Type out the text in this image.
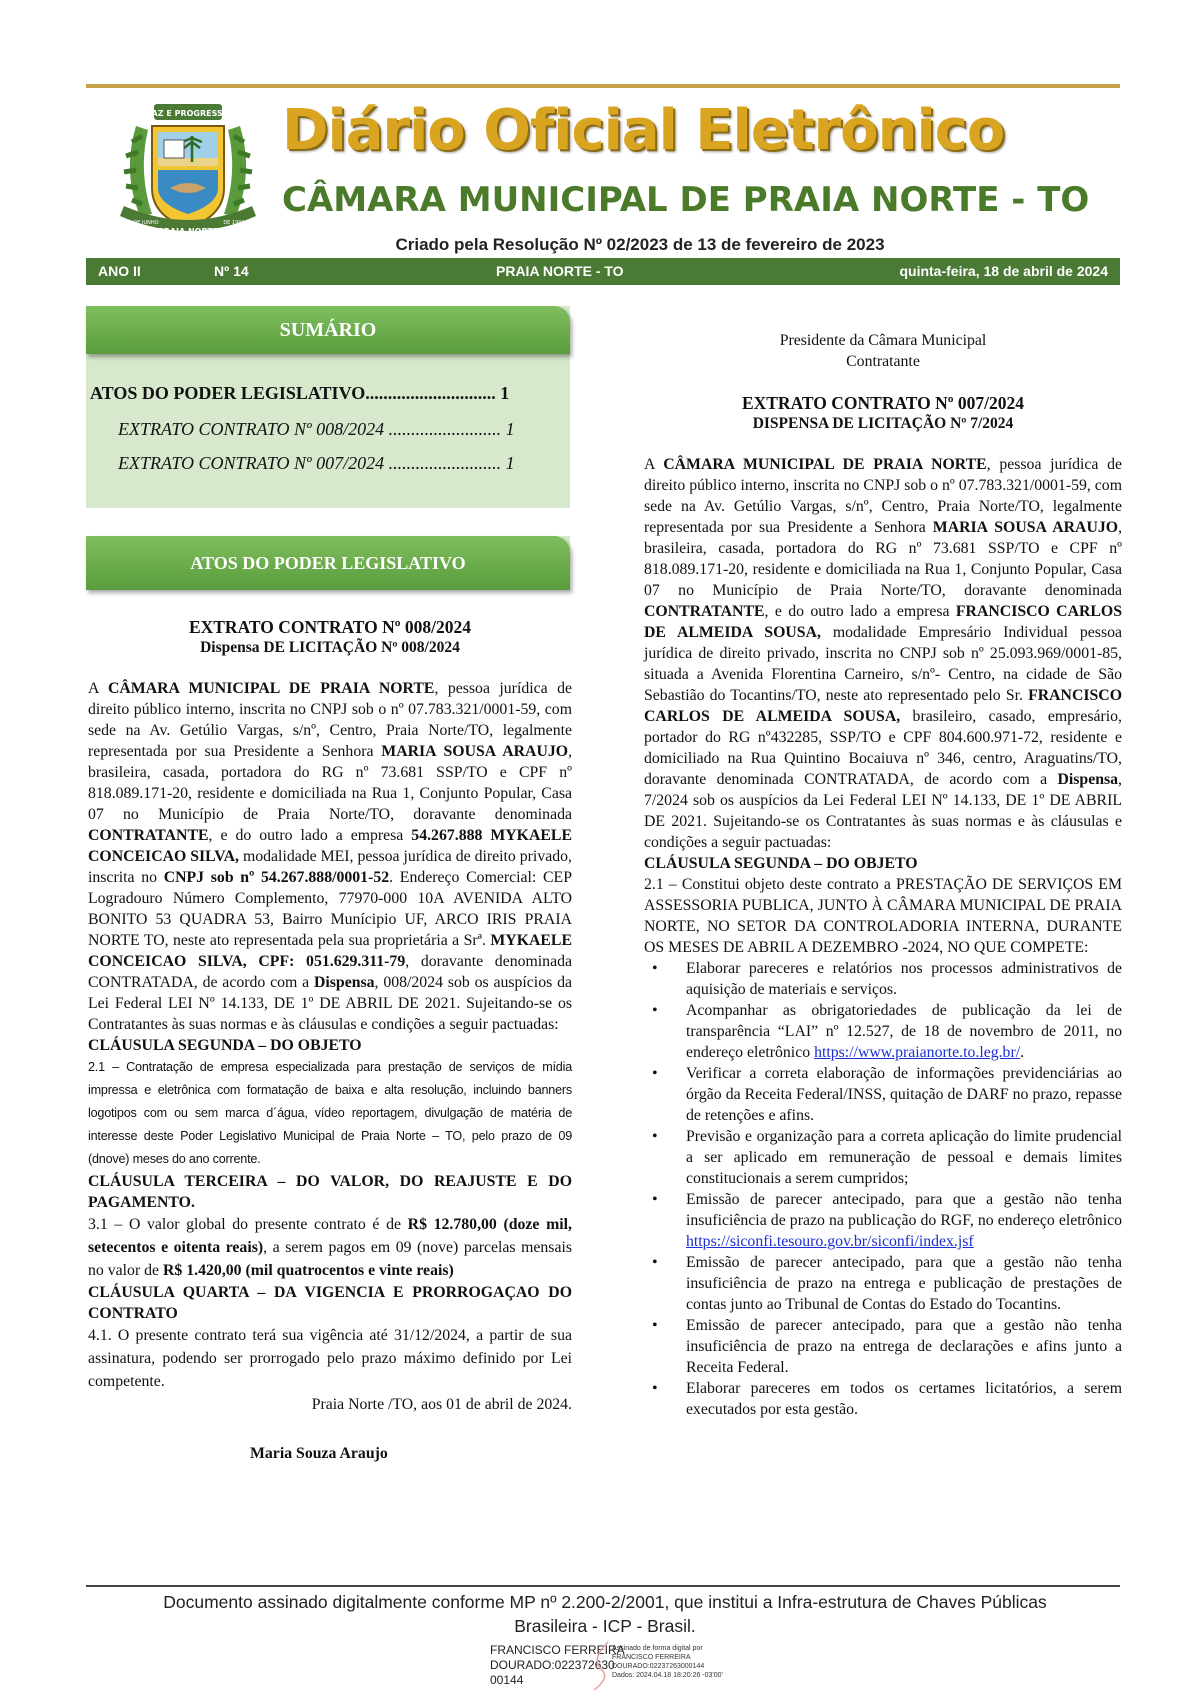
PAZ E PROGRESSO
PRAIA NORTE
21 DE JUNHO	DE 1991
Diário Oficial Eletrônico
CÂMARA MUNICIPAL DE PRAIA NORTE - TO
Criado pela Resolução Nº 02/2023 de 13 de fevereiro de 2023
ANO II	Nº 14	PRAIA NORTE - TO	quinta-feira, 18 de abril de 2024
SUMÁRIO
ATOS DO PODER LEGISLATIVO............................. 1
EXTRATO CONTRATO Nº 008/2024 ......................... 1
EXTRATO CONTRATO Nº 007/2024 ......................... 1
ATOS DO PODER LEGISLATIVO

EXTRATO CONTRATO Nº 008/2024

Dispensa DE LICITAÇÃO Nº 008/2024

A CÂMARA MUNICIPAL DE PRAIA NORTE, pessoa jurídica de direito público interno, inscrita no CNPJ sob o nº 07.783.321/0001-59, com sede na Av. Getúlio Vargas, s/nº, Centro, Praia Norte/TO, legalmente representada por sua Presidente a Senhora MARIA SOUSA ARAUJO, brasileira, casada, portadora do RG nº 73.681 SSP/TO e CPF nº 818.089.171-20, residente e domiciliada na Rua 1, Conjunto Popular, Casa 07 no Município de Praia Norte/TO, doravante denominada CONTRATANTE, e do outro lado a empresa 54.267.888 MYKAELE CONCEICAO SILVA, modalidade MEI, pessoa jurídica de direito privado, inscrita no CNPJ sob nº 54.267.888/0001-52. Endereço Comercial: CEP Logradouro Número Complemento, 77970-000 10A AVENIDA ALTO BONITO 53 QUADRA 53, Bairro Munícipio UF, ARCO IRIS PRAIA NORTE TO, neste ato representada pela sua proprietária a Srª. MYKAELE CONCEICAO SILVA, CPF: 051.629.311-79, doravante denominada CONTRATADA, de acordo com a Dispensa, 008/2024 sob os auspícios da Lei Federal LEI Nº 14.133, DE 1º DE ABRIL DE 2021. Sujeitando-se os Contratantes às suas normas e às cláusulas e condições a seguir pactuadas:

CLÁUSULA SEGUNDA – DO OBJETO

2.1 – Contratação de empresa especializada para prestação de serviços de mídia impressa e eletrônica com formatação de baixa e alta resolução, incluindo banners logotipos com ou sem marca d´água, vídeo reportagem, divulgação de matéria de interesse deste Poder Legislativo Municipal de Praia Norte – TO, pelo prazo de 09 (dnove) meses do ano corrente.

CLÁUSULA TERCEIRA – DO VALOR, DO REAJUSTE E DO PAGAMENTO.

3.1 – O valor global do presente contrato é de R$ 12.780,00 (doze mil, setecentos e oitenta reais), a serem pagos em 09 (nove) parcelas mensais no valor de R$ 1.420,00 (mil quatrocentos e vinte reais)

CLÁUSULA QUARTA – DA VIGENCIA E PRORROGAÇAO DO CONTRATO

4.1. O presente contrato terá sua vigência até 31/12/2024, a partir de sua assinatura, podendo ser prorrogado pelo prazo máximo definido por Lei competente.

Praia Norte /TO, aos 01 de abril de 2024.

Maria Souza Araujo

Presidente da Câmara Municipal

Contratante

EXTRATO CONTRATO Nº 007/2024

DISPENSA DE LICITAÇÃO Nº 7/2024

A CÂMARA MUNICIPAL DE PRAIA NORTE, pessoa jurídica de direito público interno, inscrita no CNPJ sob o nº 07.783.321/0001-59, com sede na Av. Getúlio Vargas, s/nº, Centro, Praia Norte/TO, legalmente representada por sua Presidente a Senhora MARIA SOUSA ARAUJO, brasileira, casada, portadora do RG nº 73.681 SSP/TO e CPF nº 818.089.171-20, residente e domiciliada na Rua 1, Conjunto Popular, Casa 07 no Município de Praia Norte/TO, doravante denominada CONTRATANTE, e do outro lado a empresa FRANCISCO CARLOS DE ALMEIDA SOUSA, modalidade Empresário Individual pessoa jurídica de direito privado, inscrita no CNPJ sob nº 25.093.969/0001-85, situada a Avenida Florentina Carneiro, s/nº- Centro, na cidade de São Sebastião do Tocantins/TO, neste ato representado pelo Sr. FRANCISCO CARLOS DE ALMEIDA SOUSA, brasileiro, casado, empresário, portador do RG nº432285, SSP/TO e CPF 804.600.971-72, residente e domiciliado na Rua Quintino Bocaiuva nº 346, centro, Araguatins/TO, doravante denominada CONTRATADA, de acordo com a Dispensa, 7/2024 sob os auspícios da Lei Federal LEI Nº 14.133, DE 1º DE ABRIL DE 2021. Sujeitando-se os Contratantes às suas normas e às cláusulas e condições a seguir pactuadas:

CLÁUSULA SEGUNDA – DO OBJETO

2.1 – Constitui objeto deste contrato a PRESTAÇÃO DE SERVIÇOS EM ASSESSORIA PUBLICA, JUNTO À CÂMARA MUNICIPAL DE PRAIA NORTE, NO SETOR DA CONTROLADORIA INTERNA, DURANTE OS MESES DE ABRIL A DEZEMBRO -2024, NO QUE COMPETE:

• Elaborar pareceres e relatórios nos processos administrativos de aquisição de materiais e serviços.
• Acompanhar as obrigatoriedades de publicação da lei de transparência “LAI” nº 12.527, de 18 de novembro de 2011, no endereço eletrônico https://www.praianorte.to.leg.br/.
• Verificar a correta elaboração de informações previdenciárias ao órgão da Receita Federal/INSS, quitação de DARF no prazo, repasse de retenções e afins.
• Previsão e organização para a correta aplicação do limite prudencial a ser aplicado em remuneração de pessoal e demais limites constitucionais a serem cumpridos;
• Emissão de parecer antecipado, para que a gestão não tenha insuficiência de prazo na publicação do RGF, no endereço eletrônico https://siconfi.tesouro.gov.br/siconfi/index.jsf
• Emissão de parecer antecipado, para que a gestão não tenha insuficiência de prazo na entrega e publicação de prestações de contas junto ao Tribunal de Contas do Estado do Tocantins.
• Emissão de parecer antecipado, para que a gestão não tenha insuficiência de prazo na entrega de declarações e afins junto a Receita Federal.
• Elaborar pareceres em todos os certames licitatórios, a serem executados por esta gestão.
Documento assinado digitalmente conforme MP nº 2.200-2/2001, que institui a Infra-estrutura de Chaves Públicas
Brasileira - ICP - Brasil.
FRANCISCO FERREIRA
DOURADO:022372630
00144
Assinado de forma digital por
FRANCISCO FERREIRA
DOURADO:02237263000144
Dados: 2024.04.18 18:20:26 -03'00'
